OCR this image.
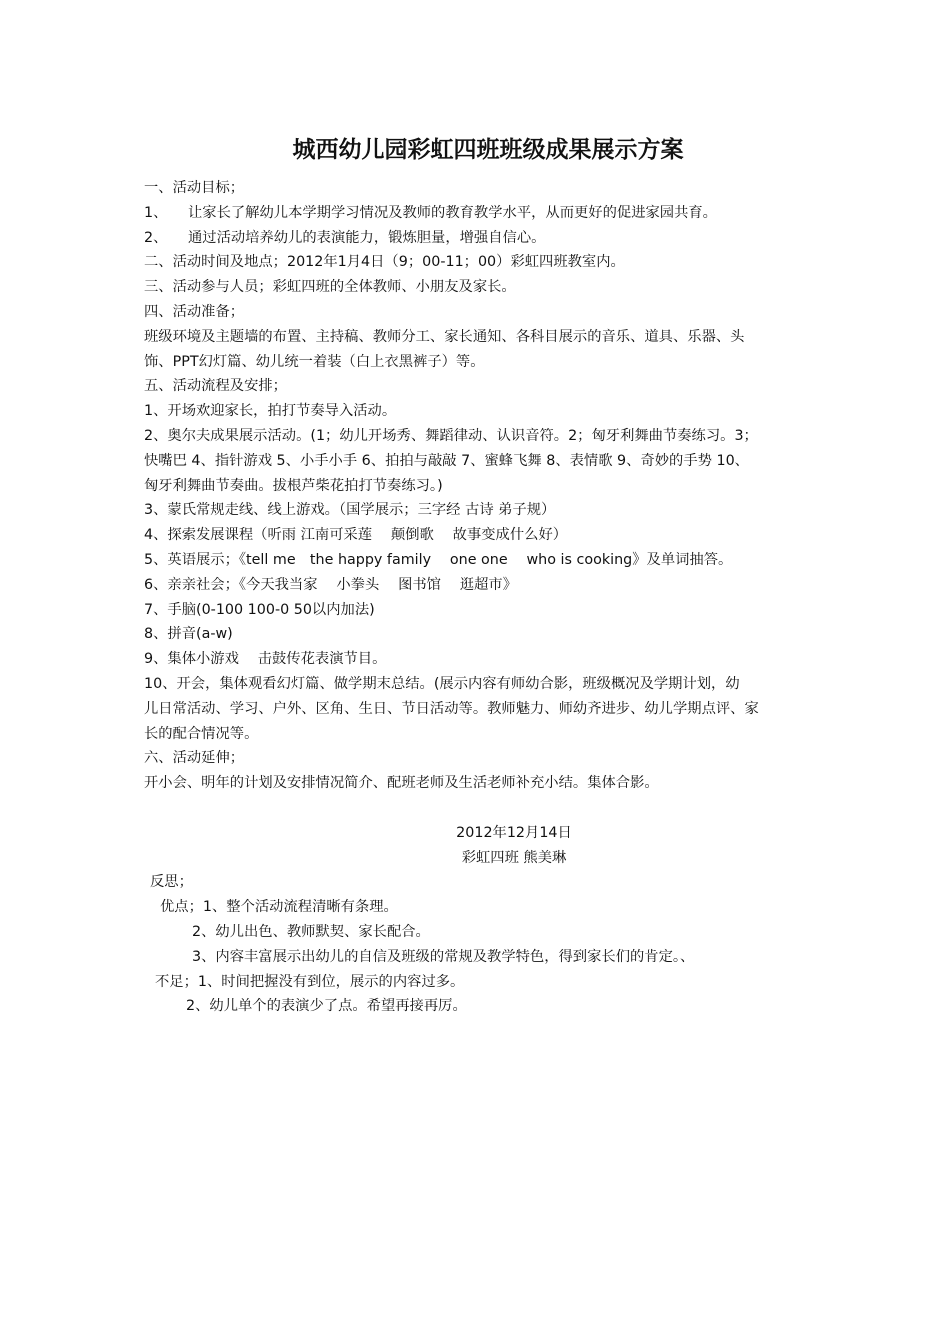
城西幼儿园彩虹四班班级成果展示方案
一、活动目标；
1、 让家长了解幼儿本学期学习情况及教师的教育教学水平，从而更好的促进家园共育。
2、 通过活动培养幼儿的表演能力，锻炼胆量，增强自信心。
二、活动时间及地点；2012年1月4日（9；00-11；00）彩虹四班教室内。
三、活动参与人员；彩虹四班的全体教师、小朋友及家长。
四、活动准备；
班级环境及主题墙的布置、主持稿、教师分工、家长通知、各科目展示的音乐、道具、乐器、头
饰、PPT幻灯篇、幼儿统一着装（白上衣黑裤子）等。
五、活动流程及安排；
1、开场欢迎家长，拍打节奏导入活动。
2、奥尔夫成果展示活动。(1；幼儿开场秀、舞蹈律动、认识音符。2；匈牙利舞曲节奏练习。3；
快嘴巴 4、指针游戏 5、小手小手 6、拍拍与敲敲 7、蜜蜂飞舞 8、表情歌 9、奇妙的手势 10、
匈牙利舞曲节奏曲。拔根芦柴花拍打节奏练习。)
3、蒙氏常规走线、线上游戏。（国学展示；三字经 古诗 弟子规）
4、探索发展课程（听雨 江南可采莲　 颠倒歌　 故事变成什么好）
5、英语展示；《tell me　the happy family　 one one　 who is cooking》及单词抽答。
6、亲亲社会；《今天我当家　 小拳头　 图书馆　 逛超市》
7、手脑(0-100 100-0 50以内加法)
8、拼音(a-w)
9、集体小游戏　 击鼓传花表演节目。
10、开会，集体观看幻灯篇、做学期末总结。(展示内容有师幼合影，班级概况及学期计划，幼
儿日常活动、学习、户外、区角、生日、节日活动等。教师魅力、师幼齐进步、幼儿学期点评、家
长的配合情况等。
六、活动延伸；
开小会、明年的计划及安排情况简介、配班老师及生活老师补充小结。集体合影。
2012年12月14日
彩虹四班 熊美琳
反思；
优点；1、整个活动流程清晰有条理。
2、幼儿出色、教师默契、家长配合。
3、内容丰富展示出幼儿的自信及班级的常规及教学特色，得到家长们的肯定。、
不足；1、时间把握没有到位，展示的内容过多。
2、幼儿单个的表演少了点。希望再接再厉。
